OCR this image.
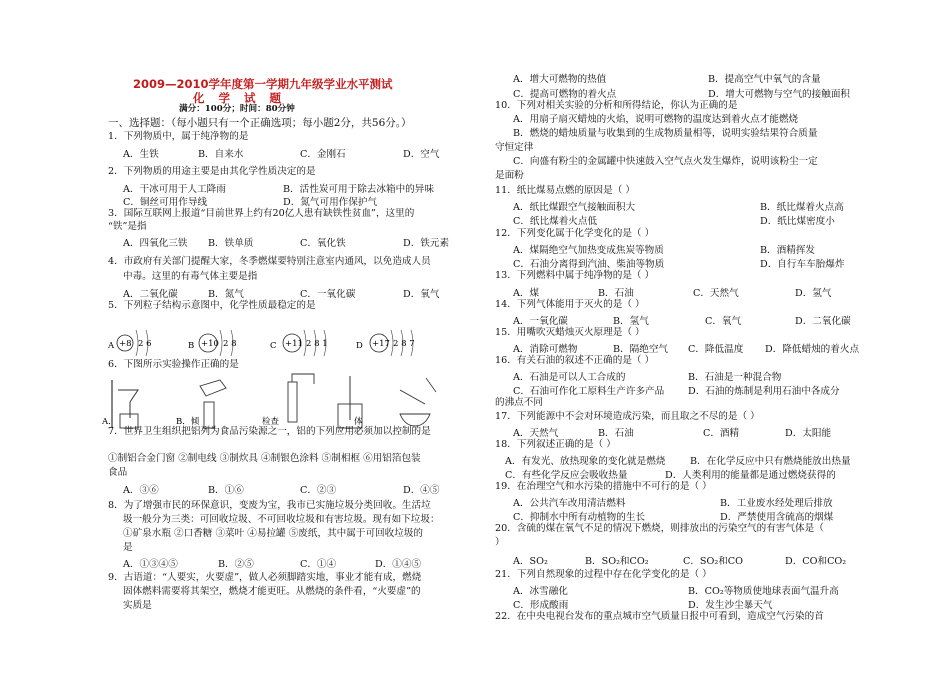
2009—2010学年度第一学期九年级学业水平测试
化 学 试 题
满分：100分；时间：80分钟
一、选择题：（每小题只有一个正确选项；每小题2分，共56分。）
1．下列物质中，属于纯净物的是
A．生铁	B．自来水	C．金刚石	D．空气
2．下列物质的用途主要是由其化学性质决定的是
A．干冰可用于人工降雨	B．活性炭可用于除去冰箱中的异味
C．铜丝可用作导线	D．氮气可用作保护气
3．国际互联网上报道“目前世界上约有20亿人患有缺铁性贫血”，这里的
“铁”是指
A．四氧化三铁 B．铁单质	C．氧化铁	D．铁元素
4．市政府有关部门提醒大家，冬季燃煤要特别注意室内通风，以免造成人员
中毒。这里的有毒气体主要是指
A．二氧化碳	B．氮气	C．一氧化碳	D．氧气
5．下列粒子结构示意图中，化学性质最稳定的是
A +8 2 6	B +10 2 8	C +11 2 8 1	D +17 2 8 7
6．下图所示实验操作正确的是
A．	B．倾	检查	体
7．世界卫生组织把铝列为食品污染源之一，铝的下列应用必须加以控制的是
①制铝合金门窗 ②制电线 ③制炊具 ④制银色涂料 ⑤制相框 ⑥用铝箔包装
食品
A．③⑥	B．①⑥	C．②③	D．④⑤
8．为了增强市民的环保意识，变废为宝，我市已实施垃圾分类回收。生活垃
圾一般分为三类：可回收垃圾、不可回收垃圾和有害垃圾。现有如下垃圾：
①矿泉水瓶 ②口香糖 ③菜叶 ④易拉罐 ⑤废纸，其中属于可回收垃圾的
是
A．①③④⑤	B．②⑤	C．①④	D．①④⑤
9．古语道：“人要实，火要虚”，做人必须脚踏实地，事业才能有成，燃烧
固体燃料需要将其架空，燃烧才能更旺。从燃烧的条件看，“火要虚”的
实质是
A．增大可燃物的热值	B．提高空气中氧气的含量
C．提高可燃物的着火点	D．增大可燃物与空气的接触面积
10．下列对相关实验的分析和所得结论，你认为正确的是
A．用扇子扇灭蜡烛的火焰，说明可燃物的温度达到着火点才能燃烧
B．燃烧的蜡烛质量与收集到的生成物质量相等，说明实验结果符合质量
守恒定律
C．向盛有粉尘的金属罐中快速鼓入空气点火发生爆炸，说明该粉尘一定
是面粉
11．纸比煤易点燃的原因是（ ）
A．纸比煤跟空气接触面积大	B．纸比煤着火点高
C．纸比煤着火点低	D．纸比煤密度小
12．下列变化属于化学变化的是（ ）
A．煤隔绝空气加热变成焦炭等物质	B．酒精挥发
C．石油分离得到汽油、柴油等物质	D．自行车车胎爆炸
13．下列燃料中属于纯净物的是（ ）
A．煤	B．石油	C．天然气	D．氢气
14．下列气体能用于灭火的是（ ）
A．一氧化碳	B．氢气	C．氧气	D．二氧化碳
15．用嘴吹灭蜡烛灭火原理是（ ）
A．消除可燃物	B．隔绝空气 C．降低温度 D．降低蜡烛的着火点
16．有关石油的叙述不正确的是（ ）
A．石油是可以人工合成的	B．石油是一种混合物
C．石油可作化工原料生产许多产品 D．石油的炼制是利用石油中各成分
的沸点不同
17．下列能源中不会对环境造成污染，而且取之不尽的是（ ）
A．天然气	B．石油	C．酒精	D．太阳能
18．下列叙述正确的是（ ）
A．有发光、放热现象的变化就是燃烧	B．在化学反应中只有燃烧能放出热量
C．有些化学反应会吸收热量	D．人类利用的能量都是通过燃烧获得的
19．在治理空气和水污染的措施中不可行的是（ ）
A．公共汽车改用清洁燃料	B．工业废水经处理后排放
C．抑制水中所有动植物的生长	D．严禁使用含硫高的烟煤
20．含硫的煤在氧气不足的情况下燃烧，则排放出的污染空气的有害气体是（
）
A．SO₂	B．SO₂和CO₂	C．SO₂和CO	D．CO和CO₂
21．下列自然现象的过程中存在化学变化的是（ ）
A．冰雪融化	B．CO₂等物质使地球表面气温升高
C．形成酸雨	D．发生沙尘暴天气
22．在中央电视台发布的重点城市空气质量日报中可看到，造成空气污染的首
